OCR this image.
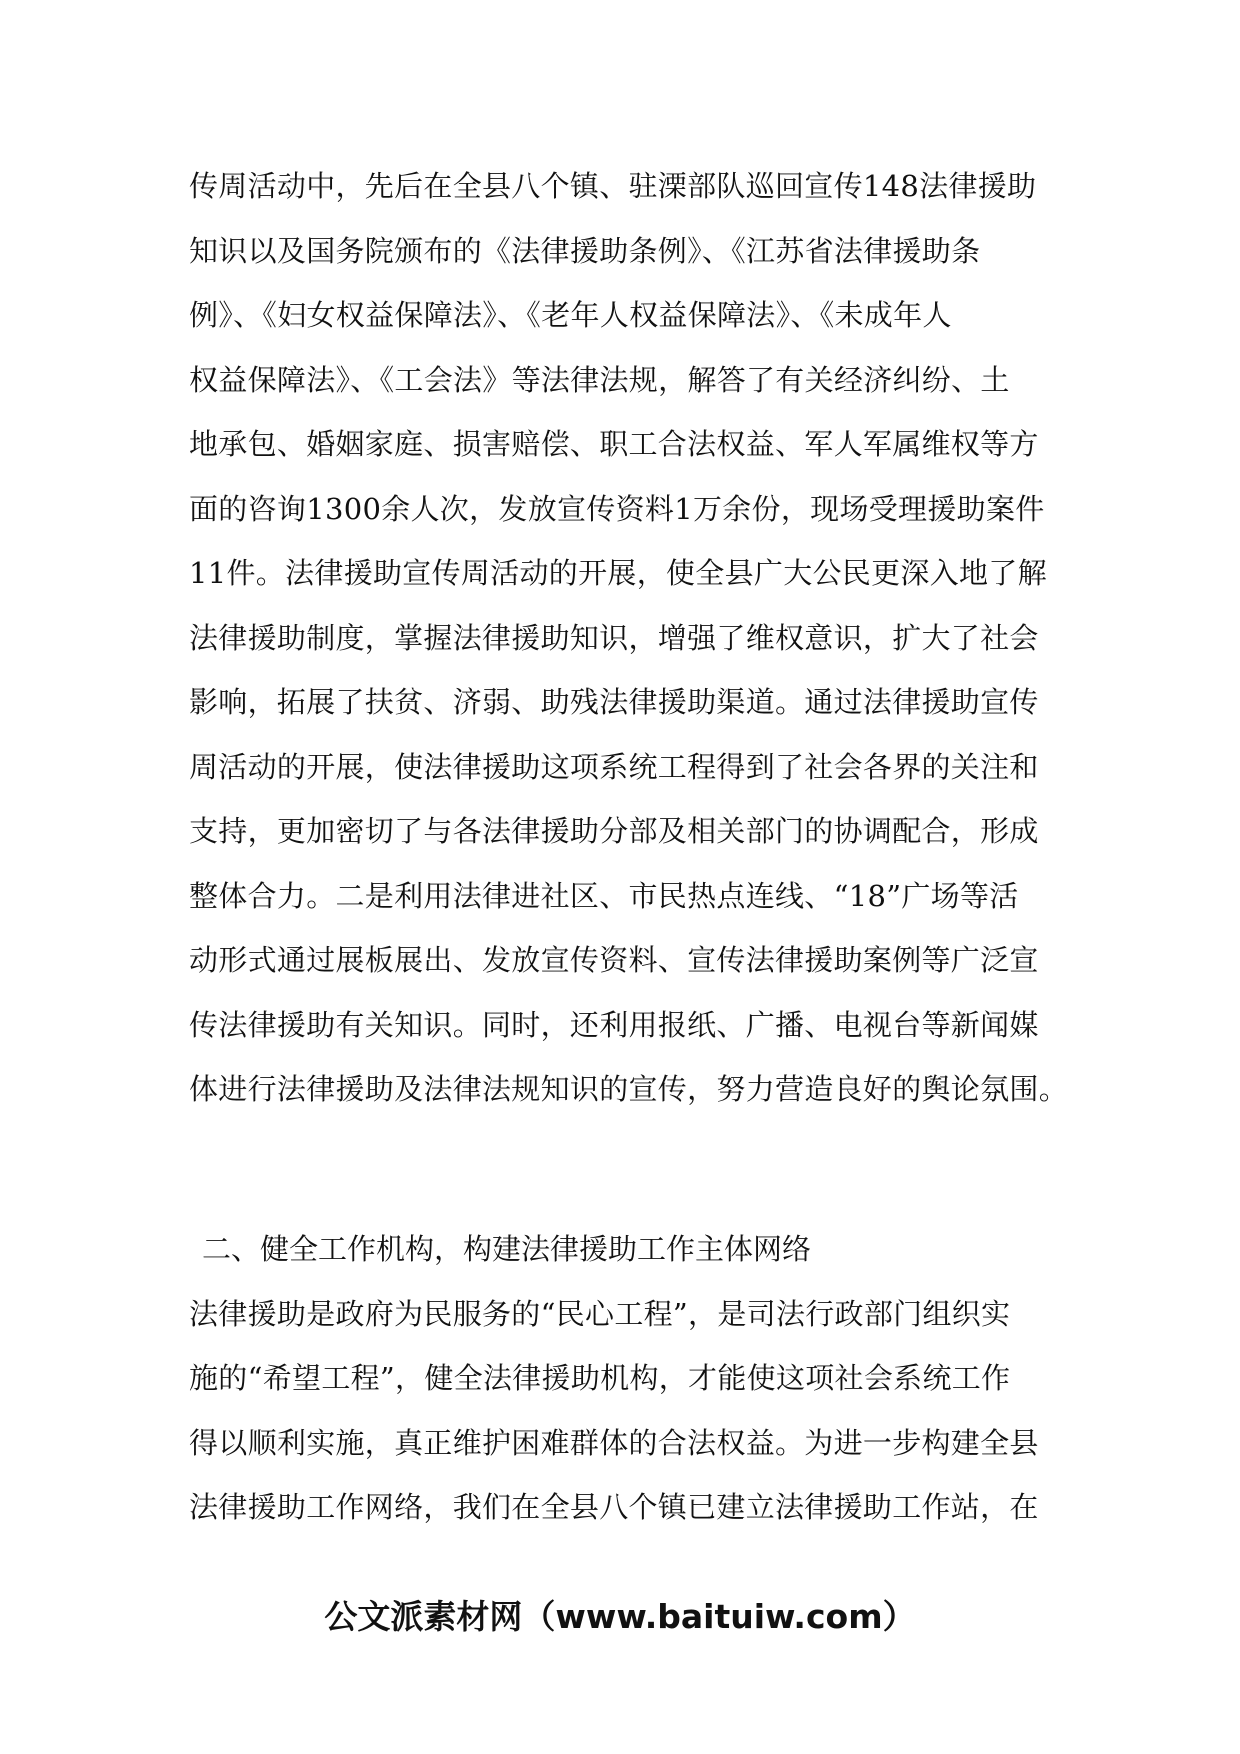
传周活动中，先后在全县八个镇、驻溧部队巡回宣传148法律援助
知识以及国务院颁布的《法律援助条例》、《江苏省法律援助条
例》、《妇女权益保障法》、《老年人权益保障法》、《未成年人
权益保障法》、《工会法》等法律法规，解答了有关经济纠纷、土
地承包、婚姻家庭、损害赔偿、职工合法权益、军人军属维权等方
面的咨询1300余人次，发放宣传资料1万余份，现场受理援助案件
11件。法律援助宣传周活动的开展，使全县广大公民更深入地了解
法律援助制度，掌握法律援助知识，增强了维权意识，扩大了社会
影响，拓展了扶贫、济弱、助残法律援助渠道。通过法律援助宣传
周活动的开展，使法律援助这项系统工程得到了社会各界的关注和
支持，更加密切了与各法律援助分部及相关部门的协调配合，形成
整体合力。二是利用法律进社区、市民热点连线、“18”广场等活
动形式通过展板展出、发放宣传资料、宣传法律援助案例等广泛宣
传法律援助有关知识。同时，还利用报纸、广播、电视台等新闻媒
体进行法律援助及法律法规知识的宣传，努力营造良好的舆论氛围。
二、健全工作机构，构建法律援助工作主体网络
法律援助是政府为民服务的“民心工程”，是司法行政部门组织实
施的“希望工程”，健全法律援助机构，才能使这项社会系统工作
得以顺利实施，真正维护困难群体的合法权益。为进一步构建全县
法律援助工作网络，我们在全县八个镇已建立法律援助工作站，在
公文派素材网（www.baituiw.com）
